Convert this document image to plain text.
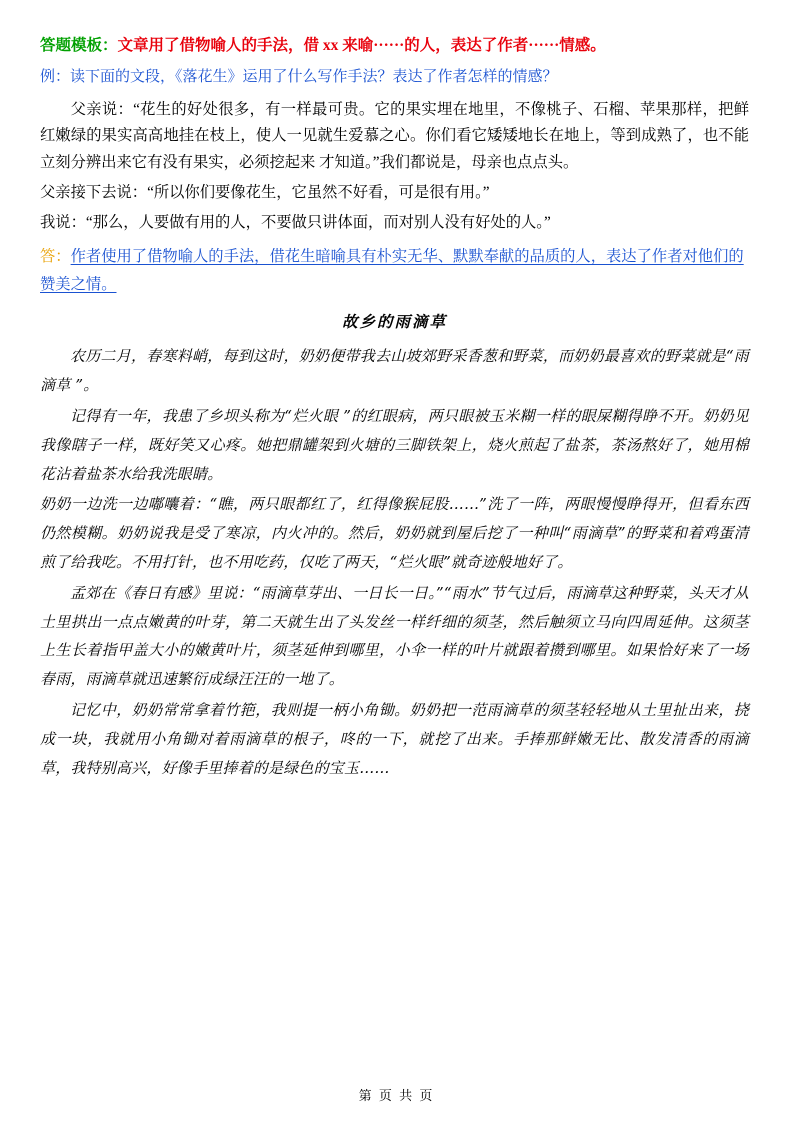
答题模板：文章用了借物喻人的手法，借 xx 来喻······的人，表达了作者······情感。
例：读下面的文段，《落花生》运用了什么写作手法？表达了作者怎样的情感？

父亲说：“花生的好处很多，有一样最可贵。它的果实埋在地里，不像桃子、石榴、苹果那样，把鲜红嫩绿的果实高高地挂在枝上，使人一见就生爱慕之心。你们看它矮矮地长在地上，等到成熟了，也不能立刻分辨出来它有没有果实，必须挖起来 才知道。”我们都说是，母亲也点点头。

父亲接下去说：“所以你们要像花生，它虽然不好看，可是很有用。”

我说：“那么，人要做有用的人，不要做只讲体面，而对别人没有好处的人。”

答：作者使用了借物喻人的手法，借花生暗喻具有朴实无华、默默奉献的品质的人，表达了作者对他们的赞美之情。
故乡的雨滴草

农历二月，春寒料峭，每到这时，奶奶便带我去山坡郊野采香葱和野菜，而奶奶最喜欢的野菜就是“雨滴草 ”。

记得有一年，我患了乡坝头称为“烂火眼 ”的红眼病，两只眼被玉米糊一样的眼屎糊得睁不开。奶奶见我像瞎子一样，既好笑又心疼。她把鼎罐架到火塘的三脚铁架上，烧火煎起了盐茶，茶汤熬好了，她用棉花沾着盐茶水给我洗眼睛。

奶奶一边洗一边嘟囔着：“瞧，两只眼都红了，红得像猴屁股……”洗了一阵，两眼慢慢睁得开，但看东西仍然模糊。奶奶说我是受了寒凉，内火冲的。然后，奶奶就到屋后挖了一种叫“雨滴草”的野菜和着鸡蛋清煎了给我吃。不用打针，也不用吃药，仅吃了两天，“烂火眼”就奇迹般地好了。

孟郊在《春日有感》里说：“雨滴草芽出、一日长一日。”“雨水”节气过后，雨滴草这种野菜，头天才从土里拱出一点点嫩黄的叶芽，第二天就生出了头发丝一样纤细的须茎，然后触须立马向四周延伸。这须茎上生长着指甲盖大小的嫩黄叶片，须茎延伸到哪里，小伞一样的叶片就跟着攒到哪里。如果恰好来了一场春雨，雨滴草就迅速繁衍成绿汪汪的一地了。

记忆中，奶奶常常拿着竹筢，我则提一柄小角锄。奶奶把一范雨滴草的须茎轻轻地从土里扯出来，挠成一块，我就用小角锄对着雨滴草的根子，咚的一下，就挖了出来。手捧那鲜嫩无比、散发清香的雨滴草，我特别高兴，好像手里捧着的是绿色的宝玉……

第 页 共 页
